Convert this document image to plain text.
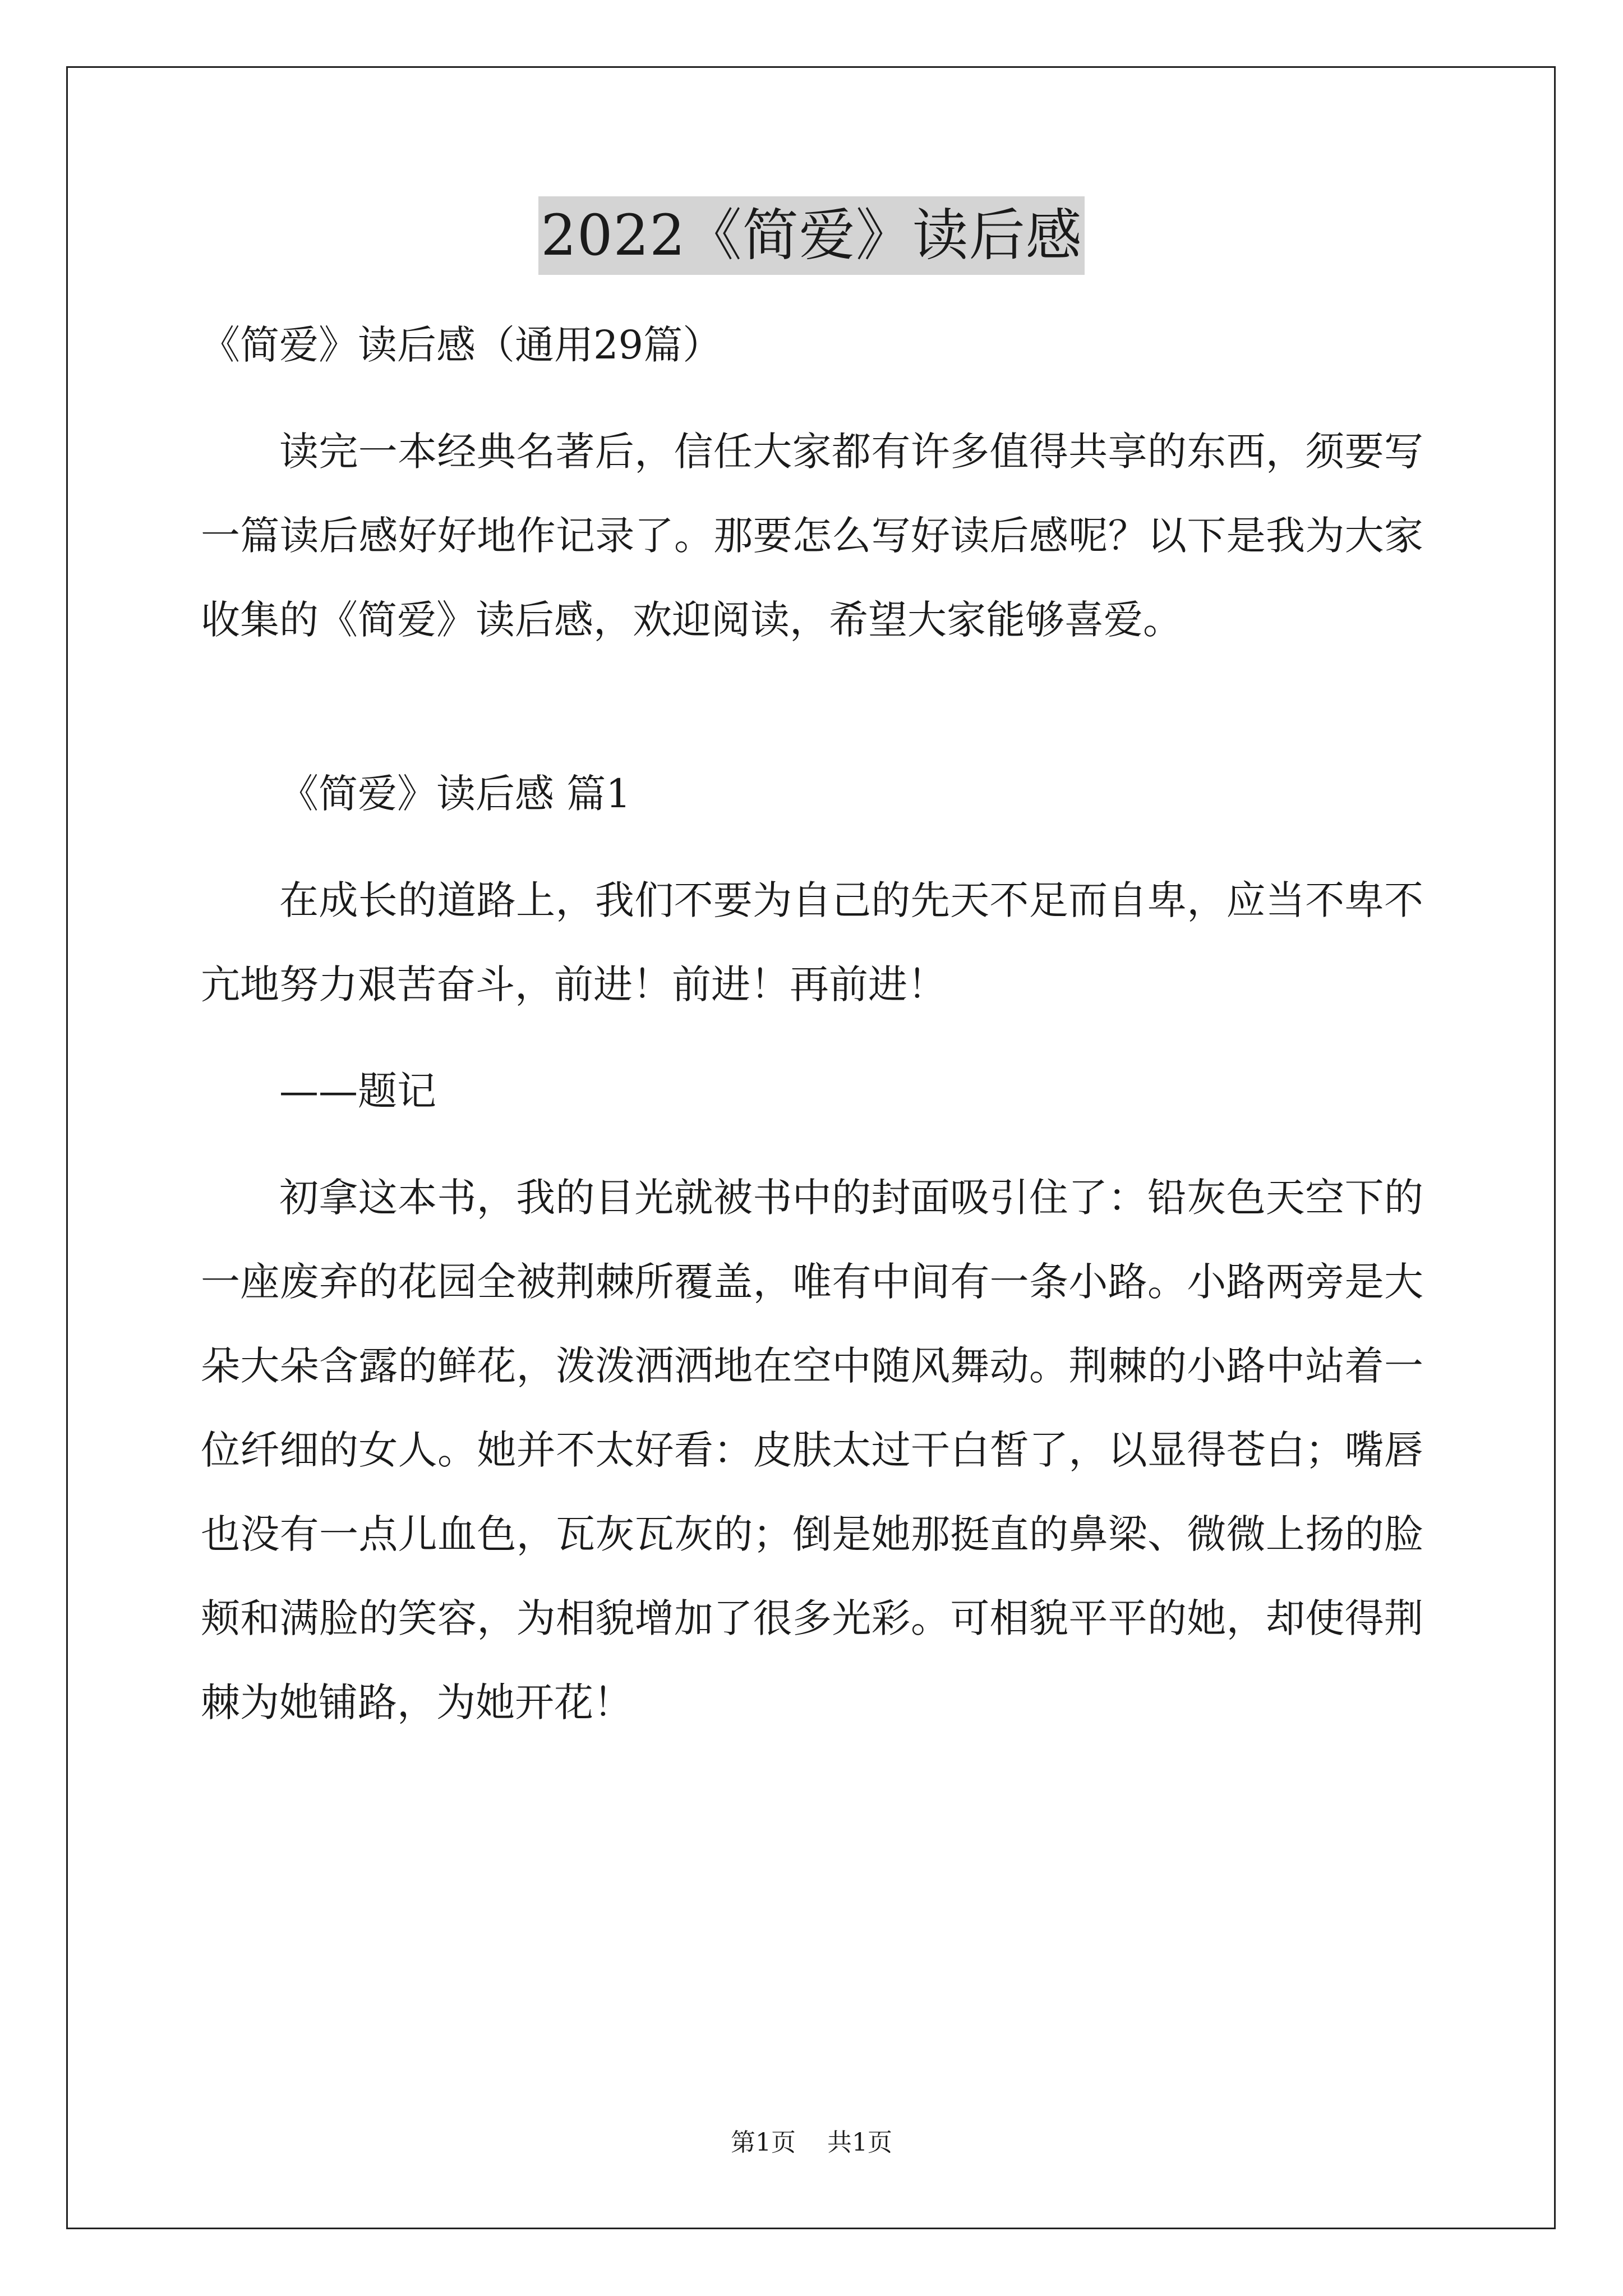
2022《简爱》读后感

《简爱》读后感（通用29篇）

读完一本经典名著后，信任大家都有许多值得共享的东西，须要写一篇读后感好好地作记录了。那要怎么写好读后感呢？以下是我为大家收集的《简爱》读后感，欢迎阅读，希望大家能够喜爱。

《简爱》读后感 篇1

在成长的道路上，我们不要为自己的先天不足而自卑，应当不卑不亢地努力艰苦奋斗，前进！前进！再前进！

——题记

初拿这本书，我的目光就被书中的封面吸引住了：铅灰色天空下的一座废弃的花园全被荆棘所覆盖，唯有中间有一条小路。小路两旁是大朵大朵含露的鲜花，泼泼洒洒地在空中随风舞动。荆棘的小路中站着一位纤细的女人。她并不太好看：皮肤太过干白皙了，以显得苍白；嘴唇也没有一点儿血色，瓦灰瓦灰的；倒是她那挺直的鼻梁、微微上扬的脸颊和满脸的笑容，为相貌增加了很多光彩。可相貌平平的她，却使得荆棘为她铺路，为她开花！

第1页 共1页
